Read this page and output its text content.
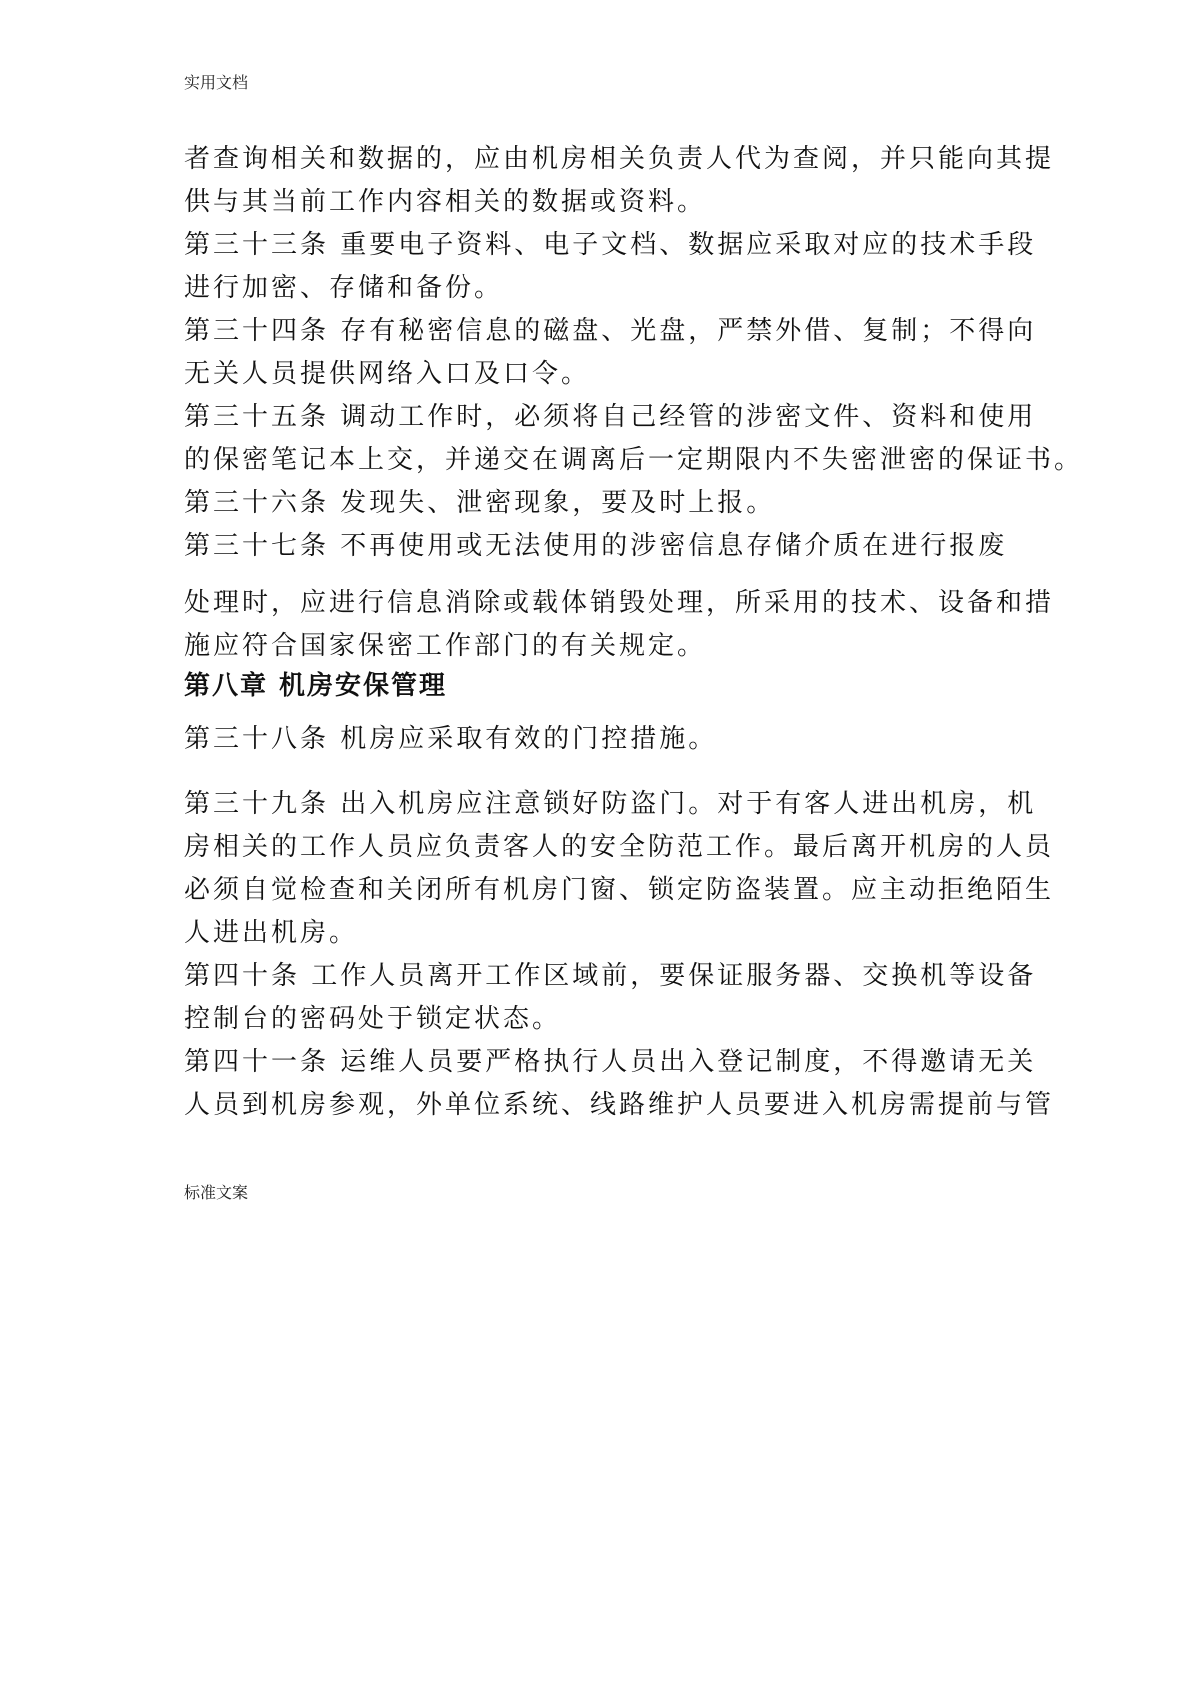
实用文档

者查询相关和数据的，应由机房相关负责人代为查阅，并只能向其提
供与其当前工作内容相关的数据或资料。

第三十三条 重要电子资料、电子文档、数据应采取对应的技术手段
进行加密、存储和备份。

第三十四条 存有秘密信息的磁盘、光盘，严禁外借、复制；不得向
无关人员提供网络入口及口令。

第三十五条 调动工作时，必须将自己经管的涉密文件、资料和使用
的保密笔记本上交，并递交在调离后一定期限内不失密泄密的保证书。

第三十六条 发现失、泄密现象，要及时上报。

第三十七条 不再使用或无法使用的涉密信息存储介质在进行报废

处理时，应进行信息消除或载体销毁处理，所采用的技术、设备和措
施应符合国家保密工作部门的有关规定。

第八章 机房安保管理

第三十八条 机房应采取有效的门控措施。

第三十九条 出入机房应注意锁好防盗门。对于有客人进出机房，机
房相关的工作人员应负责客人的安全防范工作。最后离开机房的人员
必须自觉检查和关闭所有机房门窗、锁定防盗装置。应主动拒绝陌生
人进出机房。

第四十条 工作人员离开工作区域前，要保证服务器、交换机等设备
控制台的密码处于锁定状态。

第四十一条 运维人员要严格执行人员出入登记制度，不得邀请无关
人员到机房参观，外单位系统、线路维护人员要进入机房需提前与管

标准文案
